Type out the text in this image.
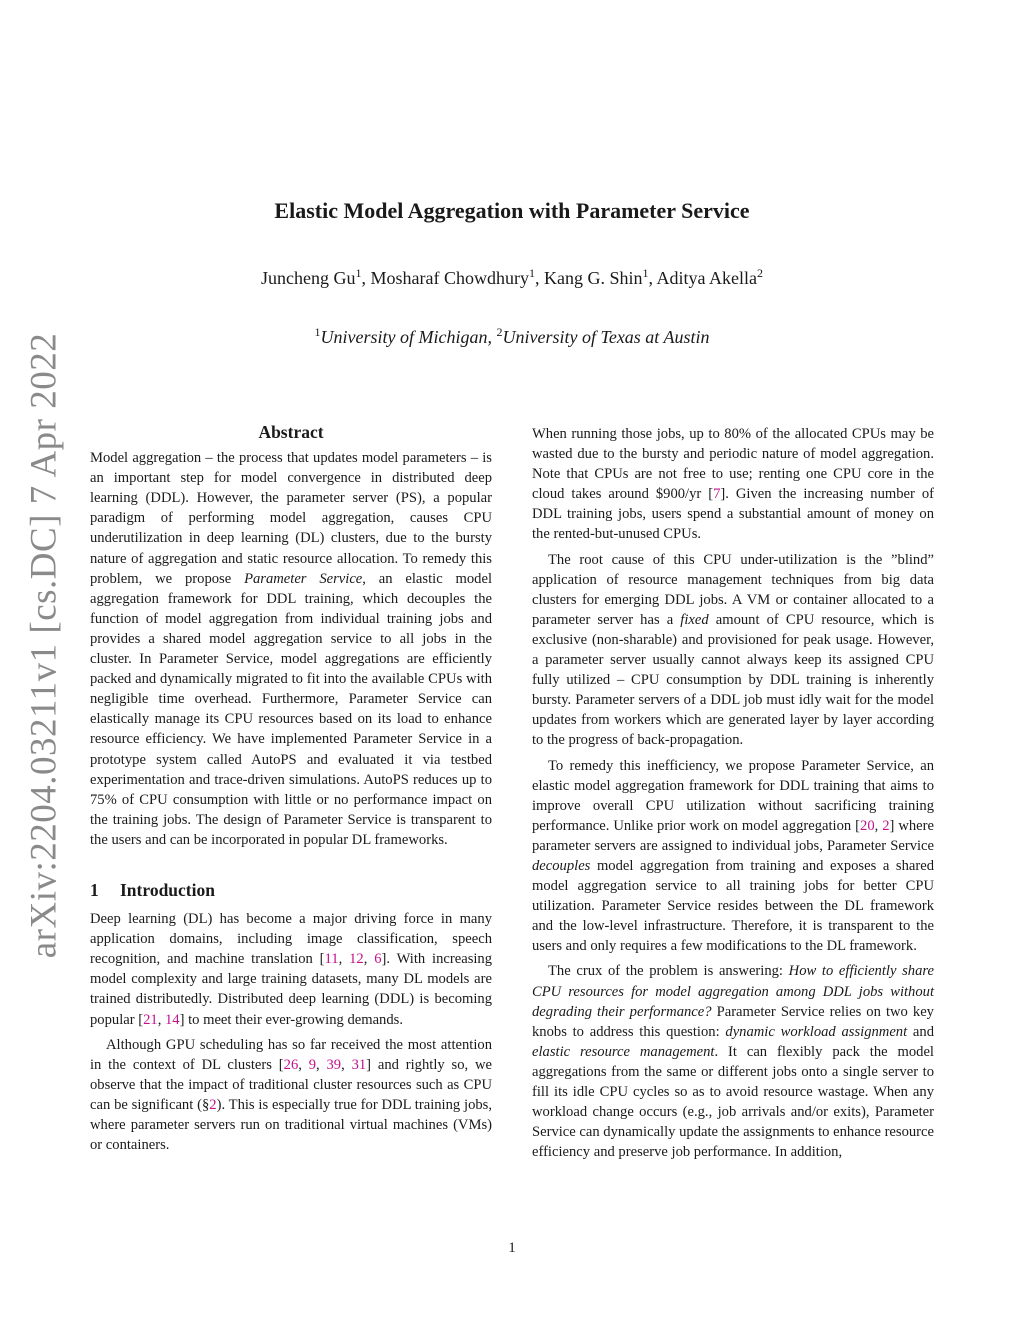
arXiv:2204.03211v1 [cs.DC] 7 Apr 2022
Elastic Model Aggregation with Parameter Service
Juncheng Gu$^1$, Mosharaf Chowdhury$^1$, Kang G. Shin$^1$, Aditya Akella$^2$
$^1$University of Michigan, $^2$University of Texas at Austin
Abstract

Model aggregation – the process that updates model parameters – is an important step for model convergence in distributed deep learning (DDL). However, the parameter server (PS), a popular paradigm of performing model aggregation, causes CPU underutilization in deep learning (DL) clusters, due to the bursty nature of aggregation and static resource allocation. To remedy this problem, we propose Parameter Service, an elastic model aggregation framework for DDL training, which decouples the function of model aggregation from individual training jobs and provides a shared model aggregation service to all jobs in the cluster. In Parameter Service, model aggregations are efficiently packed and dynamically migrated to fit into the available CPUs with negligible time overhead. Furthermore, Parameter Service can elastically manage its CPU resources based on its load to enhance resource efficiency. We have implemented Parameter Service in a prototype system called AutoPS and evaluated it via testbed experimentation and trace-driven simulations. AutoPS reduces up to 75% of CPU consumption with little or no performance impact on the training jobs. The design of Parameter Service is transparent to the users and can be incorporated in popular DL frameworks.

1 Introduction

Deep learning (DL) has become a major driving force in many application domains, including image classification, speech recognition, and machine translation [11, 12, 6]. With increasing model complexity and large training datasets, many DL models are trained distributedly. Distributed deep learning (DDL) is becoming popular [21, 14] to meet their ever-growing demands.

Although GPU scheduling has so far received the most attention in the context of DL clusters [26, 9, 39, 31] and rightly so, we observe that the impact of traditional cluster resources such as CPU can be significant (§2). This is especially true for DDL training jobs, where parameter servers run on traditional virtual machines (VMs) or containers.

When running those jobs, up to 80% of the allocated CPUs may be wasted due to the bursty and periodic nature of model aggregation. Note that CPUs are not free to use; renting one CPU core in the cloud takes around $900/yr [7]. Given the increasing number of DDL training jobs, users spend a substantial amount of money on the rented-but-unused CPUs.

The root cause of this CPU under-utilization is the ”blind” application of resource management techniques from big data clusters for emerging DDL jobs. A VM or container allocated to a parameter server has a fixed amount of CPU resource, which is exclusive (non-sharable) and provisioned for peak usage. However, a parameter server usually cannot always keep its assigned CPU fully utilized – CPU consumption by DDL training is inherently bursty. Parameter servers of a DDL job must idly wait for the model updates from workers which are generated layer by layer according to the progress of back-propagation.

To remedy this inefficiency, we propose Parameter Service, an elastic model aggregation framework for DDL training that aims to improve overall CPU utilization without sacrificing training performance. Unlike prior work on model aggregation [20, 2] where parameter servers are assigned to individual jobs, Parameter Service decouples model aggregation from training and exposes a shared model aggregation service to all training jobs for better CPU utilization. Parameter Service resides between the DL framework and the low-level infrastructure. Therefore, it is transparent to the users and only requires a few modifications to the DL framework.

The crux of the problem is answering: How to efficiently share CPU resources for model aggregation among DDL jobs without degrading their performance? Parameter Service relies on two key knobs to address this question: dynamic workload assignment and elastic resource management. It can flexibly pack the model aggregations from the same or different jobs onto a single server to fill its idle CPU cycles so as to avoid resource wastage. When any workload change occurs (e.g., job arrivals and/or exits), Parameter Service can dynamically update the assignments to enhance resource efficiency and preserve job performance. In addition,

1
